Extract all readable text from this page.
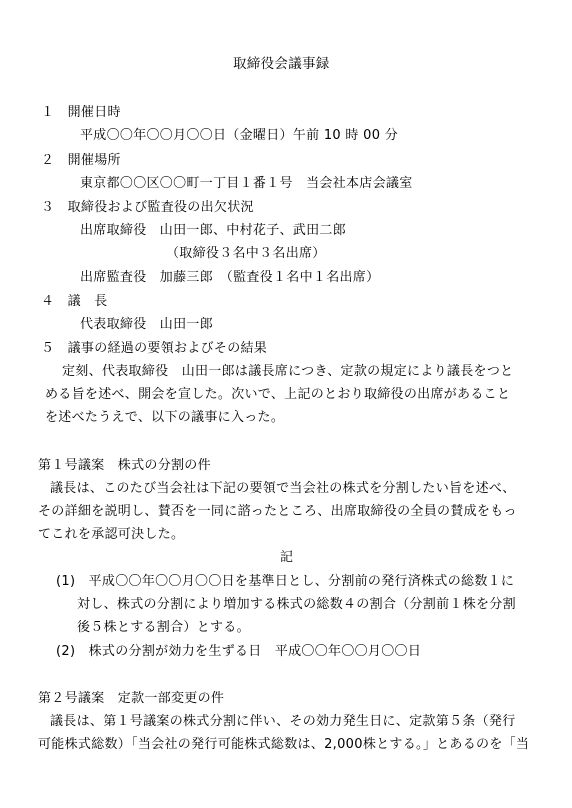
取締役会議事録
１　開催日時
平成〇〇年〇〇月〇〇日（金曜日）午前 10 時 00 分
２　開催場所
東京都〇〇区〇〇町一丁目１番１号　当会社本店会議室
３　取締役および監査役の出欠状況
出席取締役　山田一郎、中村花子、武田二郎
（取締役３名中３名出席）
出席監査役　加藤三郎　（監査役１名中１名出席）
４　議　長
代表取締役　山田一郎
５　議事の経過の要領およびその結果
定刻、代表取締役　山田一郎は議長席につき、定款の規定により議長をつと
める旨を述べ、開会を宣した。次いで、上記のとおり取締役の出席があること
を述べたうえで、以下の議事に入った。
第１号議案　株式の分割の件
議長は、このたび当会社は下記の要領で当会社の株式を分割したい旨を述べ、
その詳細を説明し、賛否を一同に諮ったところ、出席取締役の全員の賛成をもっ
てこれを承認可決した。
記
(1)　平成〇〇年〇〇月〇〇日を基準日とし、分割前の発行済株式の総数１に
対し、株式の分割により増加する株式の総数４の割合（分割前１株を分割
後５株とする割合）とする。
(2)　株式の分割が効力を生ずる日　平成〇〇年〇〇月〇〇日
第２号議案　定款一部変更の件
議長は、第１号議案の株式分割に伴い、その効力発生日に、定款第５条（発行
可能株式総数）「当会社の発行可能株式総数は、2,000株とする。」とあるのを「当
